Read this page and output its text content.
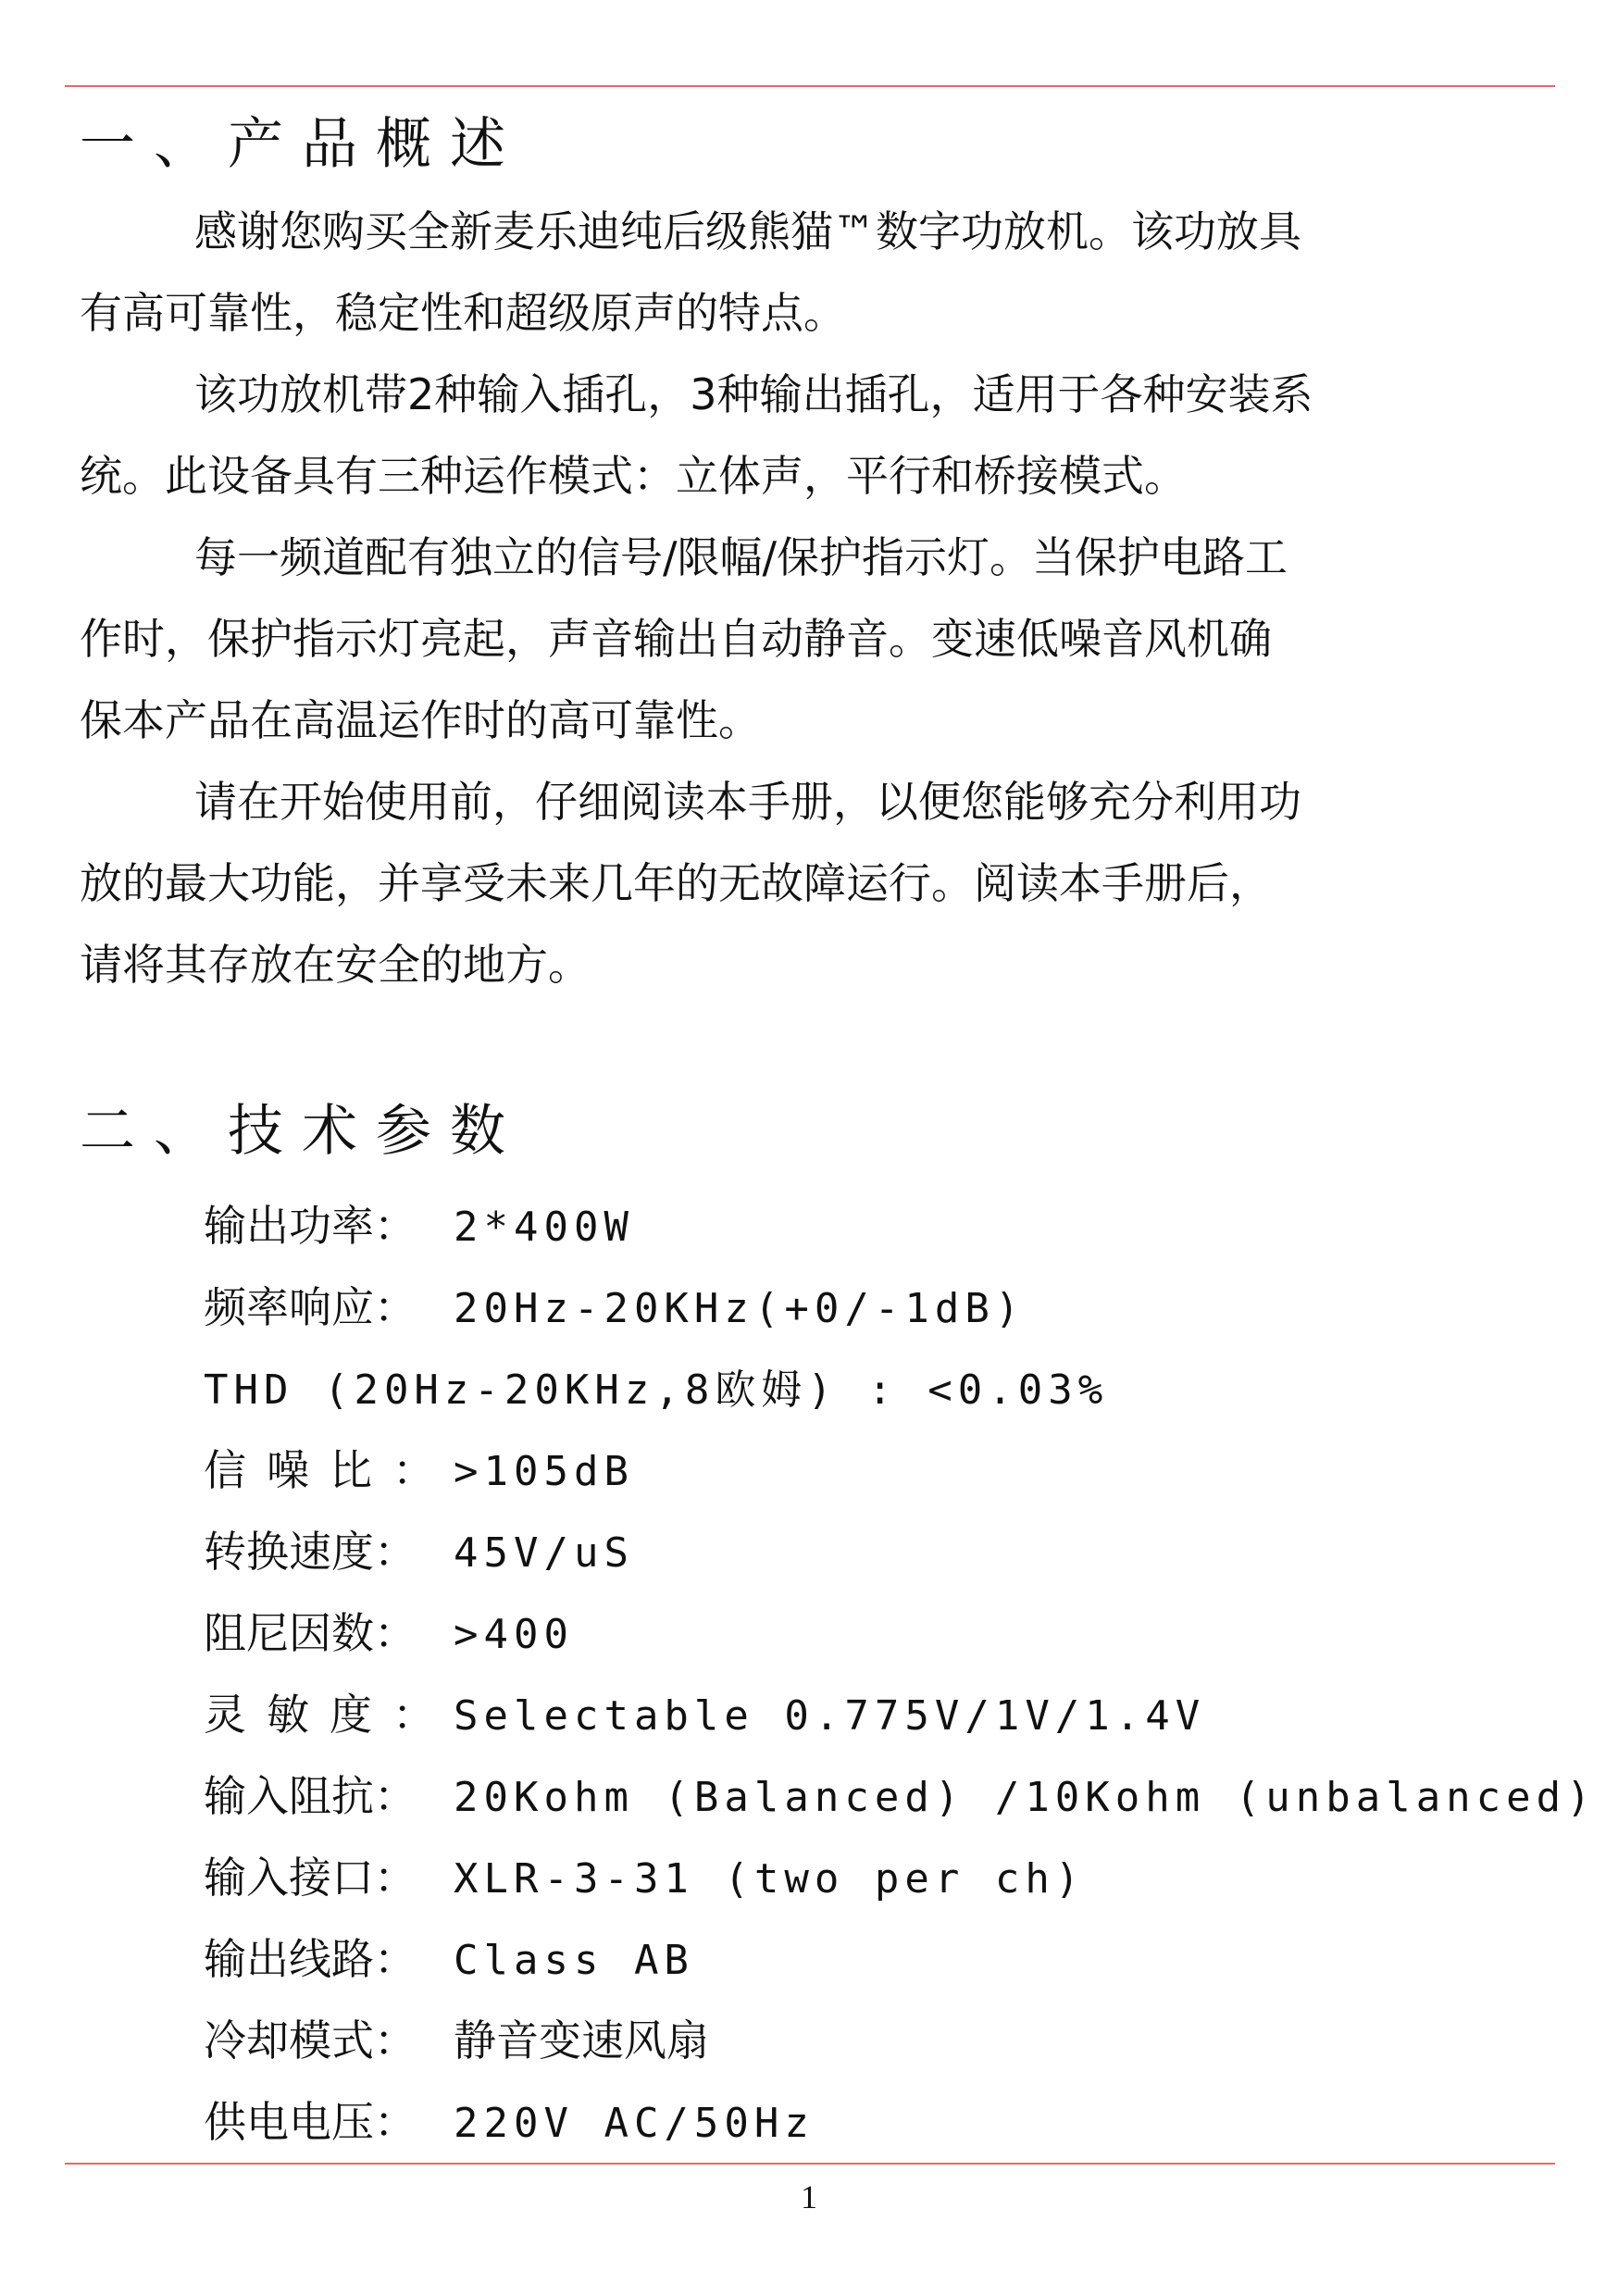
一、产品概述
感谢您购买全新麦乐迪纯后级熊猫™数字功放机。该功放具
有高可靠性，稳定性和超级原声的特点。
该功放机带2种输入插孔，3种输出插孔，适用于各种安装系
统。此设备具有三种运作模式：立体声，平行和桥接模式。
每一频道配有独立的信号/限幅/保护指示灯。当保护电路工
作时，保护指示灯亮起，声音输出自动静音。变速低噪音风机确
保本产品在高温运作时的高可靠性。
请在开始使用前，仔细阅读本手册，以便您能够充分利用功
放的最大功能，并享受未来几年的无故障运行。阅读本手册后，
请将其存放在安全的地方。
二、技术参数
输出功率： 2*400W
频率响应： 20Hz-20KHz(+0/-1dB)
THD (20Hz-20KHz,8欧姆) : <0.03%
信噪比：>105dB
转换速度： 45V/uS
阻尼因数： >400
灵敏度：Selectable 0.775V/1V/1.4V
输入阻抗： 20Kohm (Balanced) /10Kohm (unbalanced)
输入接口： XLR-3-31 (two per ch)
输出线路： Class AB
冷却模式： 静音变速风扇
供电电压： 220V AC/50Hz
1
